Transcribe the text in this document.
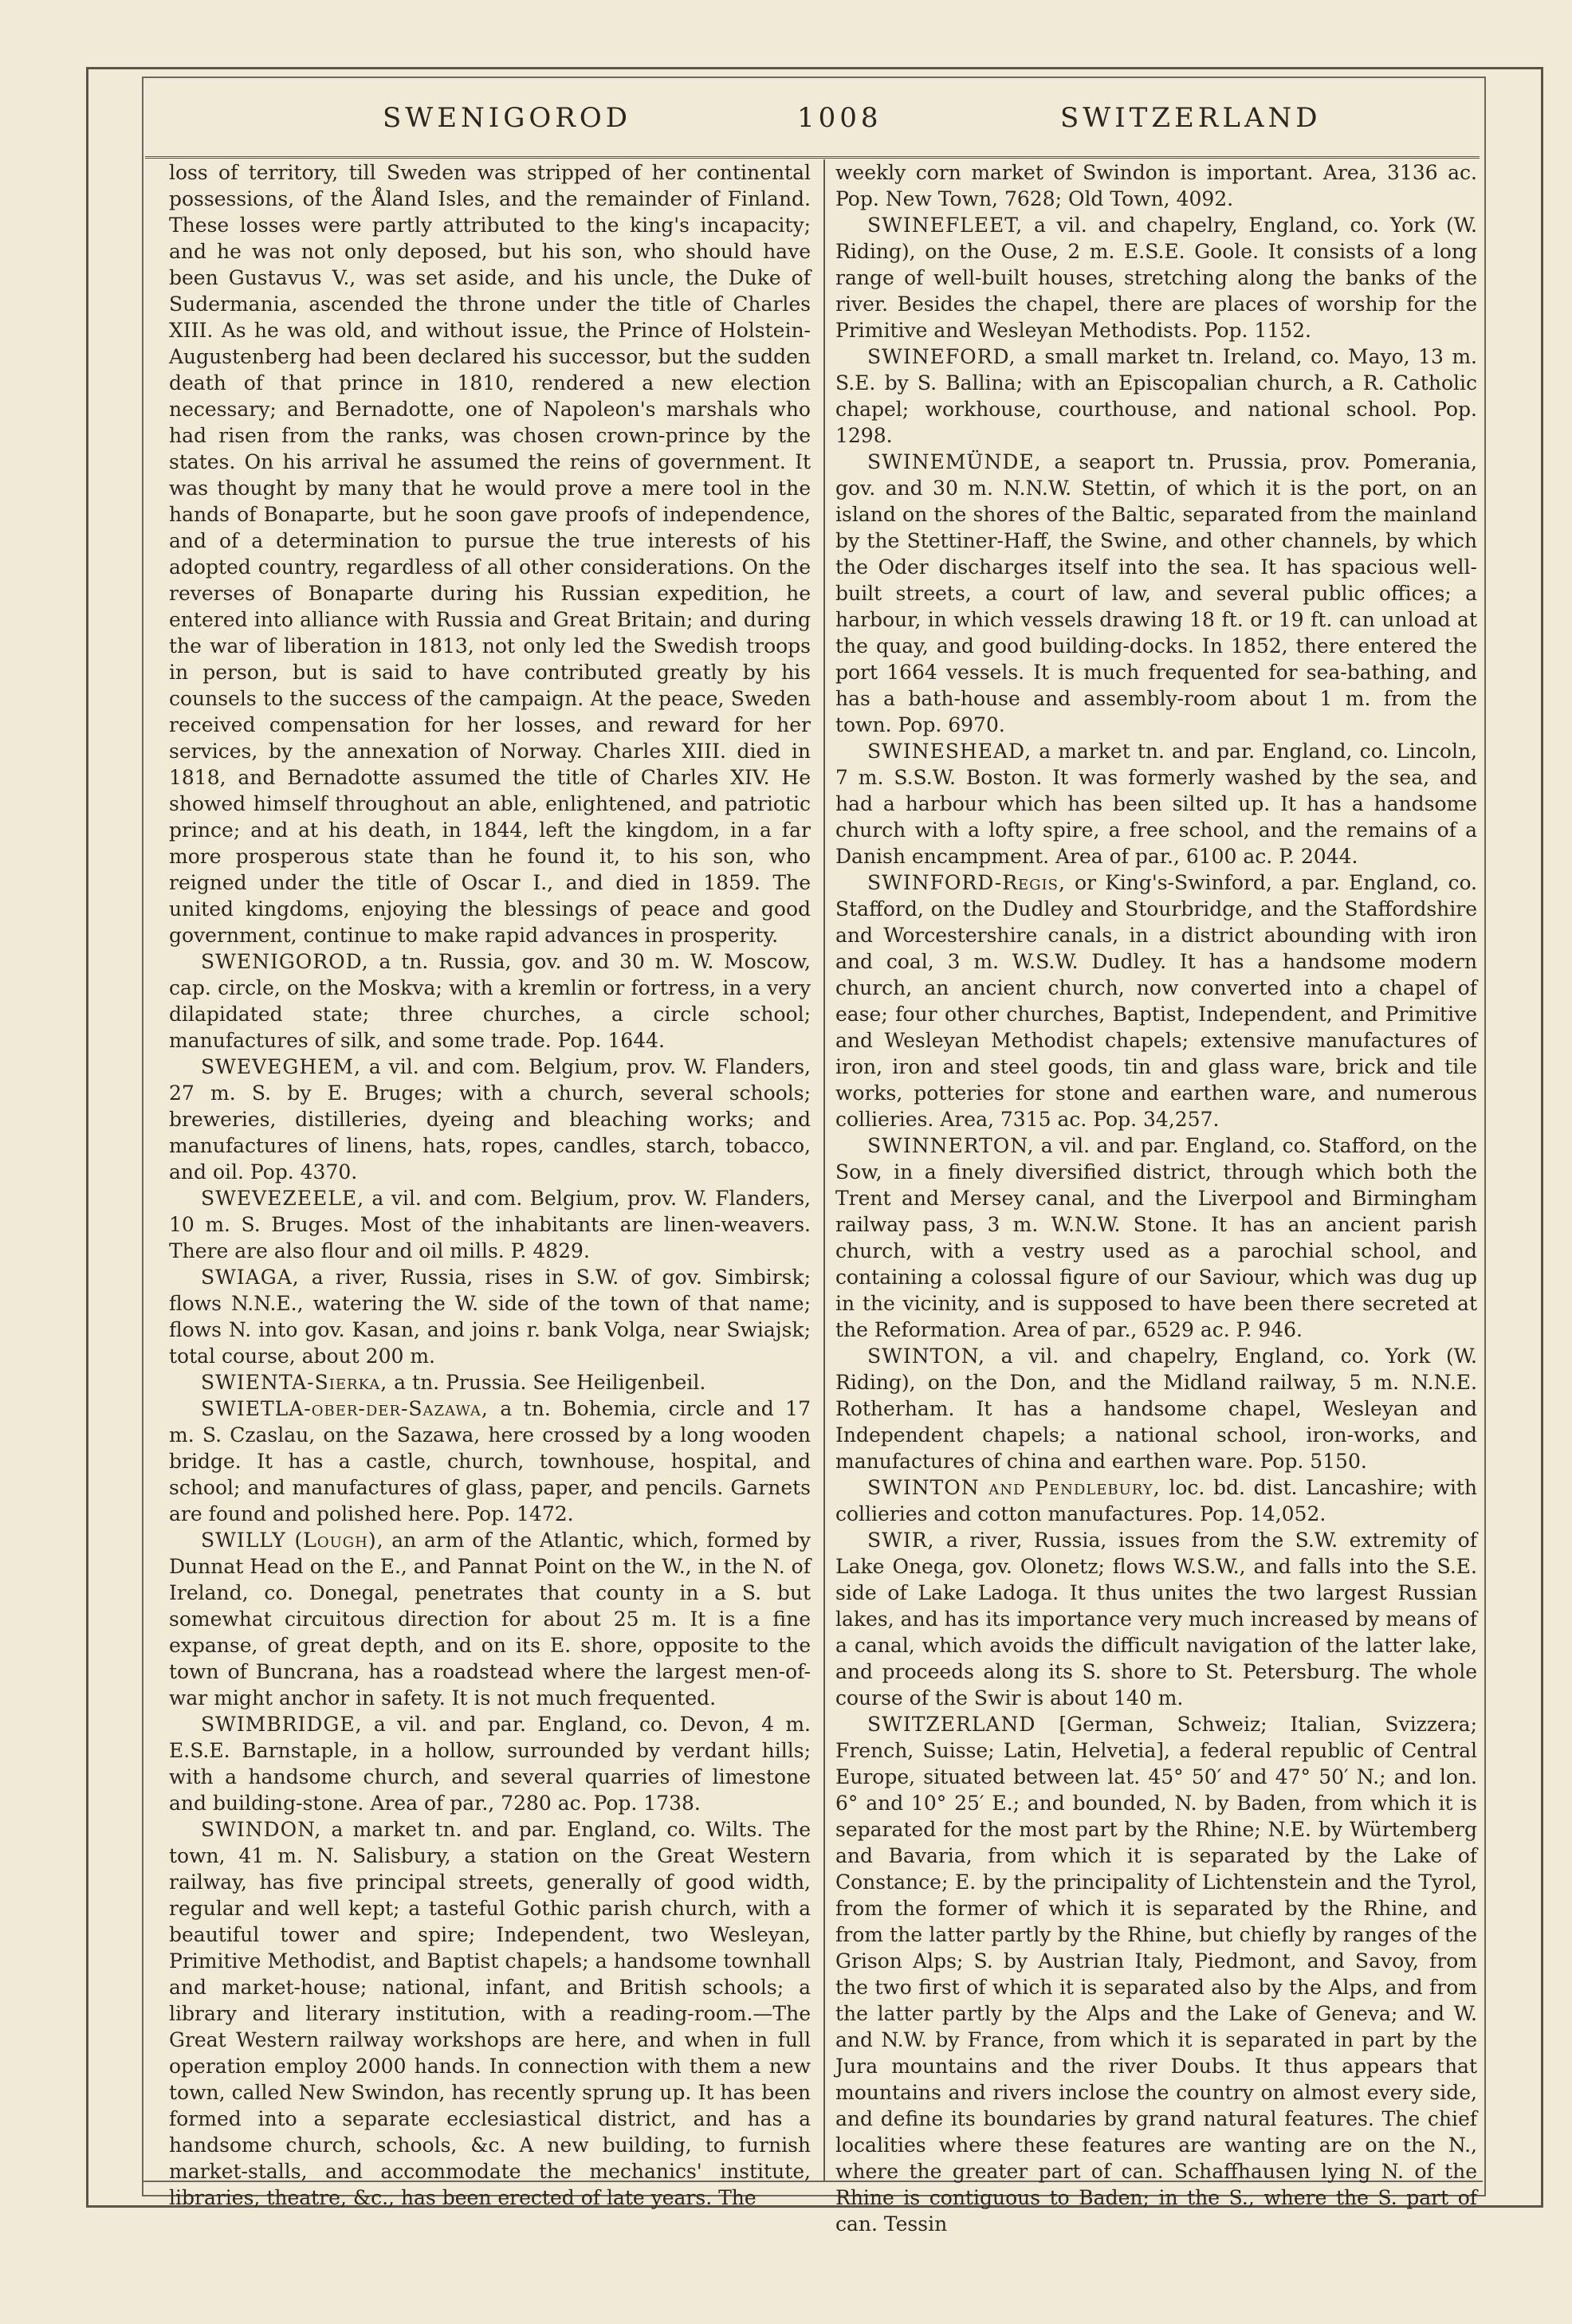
SWENIGOROD	1008	SWITZERLAND

loss of territory, till Sweden was stripped of her continental possessions, of the Åland Isles, and the remainder of Finland. These losses were partly attributed to the king's incapacity; and he was not only deposed, but his son, who should have been Gustavus V., was set aside, and his uncle, the Duke of Sudermania, ascended the throne under the title of Charles XIII. As he was old, and without issue, the Prince of Holstein-Augustenberg had been declared his successor, but the sudden death of that prince in 1810, rendered a new election necessary; and Bernadotte, one of Napoleon's marshals who had risen from the ranks, was chosen crown-prince by the states. On his arrival he assumed the reins of government. It was thought by many that he would prove a mere tool in the hands of Bonaparte, but he soon gave proofs of independence, and of a determination to pursue the true interests of his adopted country, regardless of all other considerations. On the reverses of Bonaparte during his Russian expedition, he entered into alliance with Russia and Great Britain; and during the war of liberation in 1813, not only led the Swedish troops in person, but is said to have contributed greatly by his counsels to the success of the campaign. At the peace, Sweden received compensation for her losses, and reward for her services, by the annexation of Norway. Charles XIII. died in 1818, and Bernadotte assumed the title of Charles XIV. He showed himself throughout an able, enlightened, and patriotic prince; and at his death, in 1844, left the kingdom, in a far more prosperous state than he found it, to his son, who reigned under the title of Oscar I., and died in 1859. The united kingdoms, enjoying the blessings of peace and good government, continue to make rapid advances in prosperity.

SWENIGOROD, a tn. Russia, gov. and 30 m. W. Moscow, cap. circle, on the Moskva; with a kremlin or fortress, in a very dilapidated state; three churches, a circle school; manufactures of silk, and some trade. Pop. 1644.

SWEVEGHEM, a vil. and com. Belgium, prov. W. Flanders, 27 m. S. by E. Bruges; with a church, several schools; breweries, distilleries, dyeing and bleaching works; and manufactures of linens, hats, ropes, candles, starch, tobacco, and oil. Pop. 4370.

SWEVEZEELE, a vil. and com. Belgium, prov. W. Flanders, 10 m. S. Bruges. Most of the inhabitants are linen-weavers. There are also flour and oil mills. P. 4829.

SWIAGA, a river, Russia, rises in S.W. of gov. Simbirsk; flows N.N.E., watering the W. side of the town of that name; flows N. into gov. Kasan, and joins r. bank Volga, near Swiajsk; total course, about 200 m.

SWIENTA-Sierka, a tn. Prussia. See Heiligenbeil.

SWIETLA-ober-der-Sazawa, a tn. Bohemia, circle and 17 m. S. Czaslau, on the Sazawa, here crossed by a long wooden bridge. It has a castle, church, townhouse, hospital, and school; and manufactures of glass, paper, and pencils. Garnets are found and polished here. Pop. 1472.

SWILLY (Lough), an arm of the Atlantic, which, formed by Dunnat Head on the E., and Pannat Point on the W., in the N. of Ireland, co. Donegal, penetrates that county in a S. but somewhat circuitous direction for about 25 m. It is a fine expanse, of great depth, and on its E. shore, opposite to the town of Buncrana, has a roadstead where the largest men-of-war might anchor in safety. It is not much frequented.

SWIMBRIDGE, a vil. and par. England, co. Devon, 4 m. E.S.E. Barnstaple, in a hollow, surrounded by verdant hills; with a handsome church, and several quarries of limestone and building-stone. Area of par., 7280 ac. Pop. 1738.

SWINDON, a market tn. and par. England, co. Wilts. The town, 41 m. N. Salisbury, a station on the Great Western railway, has five principal streets, generally of good width, regular and well kept; a tasteful Gothic parish church, with a beautiful tower and spire; Independent, two Wesleyan, Primitive Methodist, and Baptist chapels; a handsome townhall and market-house; national, infant, and British schools; a library and literary institution, with a reading-room.—The Great Western railway workshops are here, and when in full operation employ 2000 hands. In connection with them a new town, called New Swindon, has recently sprung up. It has been formed into a separate ecclesiastical district, and has a handsome church, schools, &c. A new building, to furnish market-stalls, and accommodate the mechanics' institute, libraries, theatre, &c., has been erected of late years. The

weekly corn market of Swindon is important. Area, 3136 ac. Pop. New Town, 7628; Old Town, 4092.

SWINEFLEET, a vil. and chapelry, England, co. York (W. Riding), on the Ouse, 2 m. E.S.E. Goole. It consists of a long range of well-built houses, stretching along the banks of the river. Besides the chapel, there are places of worship for the Primitive and Wesleyan Methodists. Pop. 1152.

SWINEFORD, a small market tn. Ireland, co. Mayo, 13 m. S.E. by S. Ballina; with an Episcopalian church, a R. Catholic chapel; workhouse, courthouse, and national school. Pop. 1298.

SWINEMÜNDE, a seaport tn. Prussia, prov. Pomerania, gov. and 30 m. N.N.W. Stettin, of which it is the port, on an island on the shores of the Baltic, separated from the mainland by the Stettiner-Haff, the Swine, and other channels, by which the Oder discharges itself into the sea. It has spacious well-built streets, a court of law, and several public offices; a harbour, in which vessels drawing 18 ft. or 19 ft. can unload at the quay, and good building-docks. In 1852, there entered the port 1664 vessels. It is much frequented for sea-bathing, and has a bath-house and assembly-room about 1 m. from the town. Pop. 6970.

SWINESHEAD, a market tn. and par. England, co. Lincoln, 7 m. S.S.W. Boston. It was formerly washed by the sea, and had a harbour which has been silted up. It has a handsome church with a lofty spire, a free school, and the remains of a Danish encampment. Area of par., 6100 ac. P. 2044.

SWINFORD-Regis, or King's-Swinford, a par. England, co. Stafford, on the Dudley and Stourbridge, and the Staffordshire and Worcestershire canals, in a district abounding with iron and coal, 3 m. W.S.W. Dudley. It has a handsome modern church, an ancient church, now converted into a chapel of ease; four other churches, Baptist, Independent, and Primitive and Wesleyan Methodist chapels; extensive manufactures of iron, iron and steel goods, tin and glass ware, brick and tile works, potteries for stone and earthen ware, and numerous collieries. Area, 7315 ac. Pop. 34,257.

SWINNERTON, a vil. and par. England, co. Stafford, on the Sow, in a finely diversified district, through which both the Trent and Mersey canal, and the Liverpool and Birmingham railway pass, 3 m. W.N.W. Stone. It has an ancient parish church, with a vestry used as a parochial school, and containing a colossal figure of our Saviour, which was dug up in the vicinity, and is supposed to have been there secreted at the Reformation. Area of par., 6529 ac. P. 946.

SWINTON, a vil. and chapelry, England, co. York (W. Riding), on the Don, and the Midland railway, 5 m. N.N.E. Rotherham. It has a handsome chapel, Wesleyan and Independent chapels; a national school, iron-works, and manufactures of china and earthen ware. Pop. 5150.

SWINTON and Pendlebury, loc. bd. dist. Lancashire; with collieries and cotton manufactures. Pop. 14,052.

SWIR, a river, Russia, issues from the S.W. extremity of Lake Onega, gov. Olonetz; flows W.S.W., and falls into the S.E. side of Lake Ladoga. It thus unites the two largest Russian lakes, and has its importance very much increased by means of a canal, which avoids the difficult navigation of the latter lake, and proceeds along its S. shore to St. Petersburg. The whole course of the Swir is about 140 m.

SWITZERLAND [German, Schweiz; Italian, Svizzera; French, Suisse; Latin, Helvetia], a federal republic of Central Europe, situated between lat. 45° 50′ and 47° 50′ N.; and lon. 6° and 10° 25′ E.; and bounded, N. by Baden, from which it is separated for the most part by the Rhine; N.E. by Würtemberg and Bavaria, from which it is separated by the Lake of Constance; E. by the principality of Lichtenstein and the Tyrol, from the former of which it is separated by the Rhine, and from the latter partly by the Rhine, but chiefly by ranges of the Grison Alps; S. by Austrian Italy, Piedmont, and Savoy, from the two first of which it is separated also by the Alps, and from the latter partly by the Alps and the Lake of Geneva; and W. and N.W. by France, from which it is separated in part by the Jura mountains and the river Doubs. It thus appears that mountains and rivers inclose the country on almost every side, and define its boundaries by grand natural features. The chief localities where these features are wanting are on the N., where the greater part of can. Schaffhausen lying N. of the Rhine is contiguous to Baden; in the S., where the S. part of can. Tessin
